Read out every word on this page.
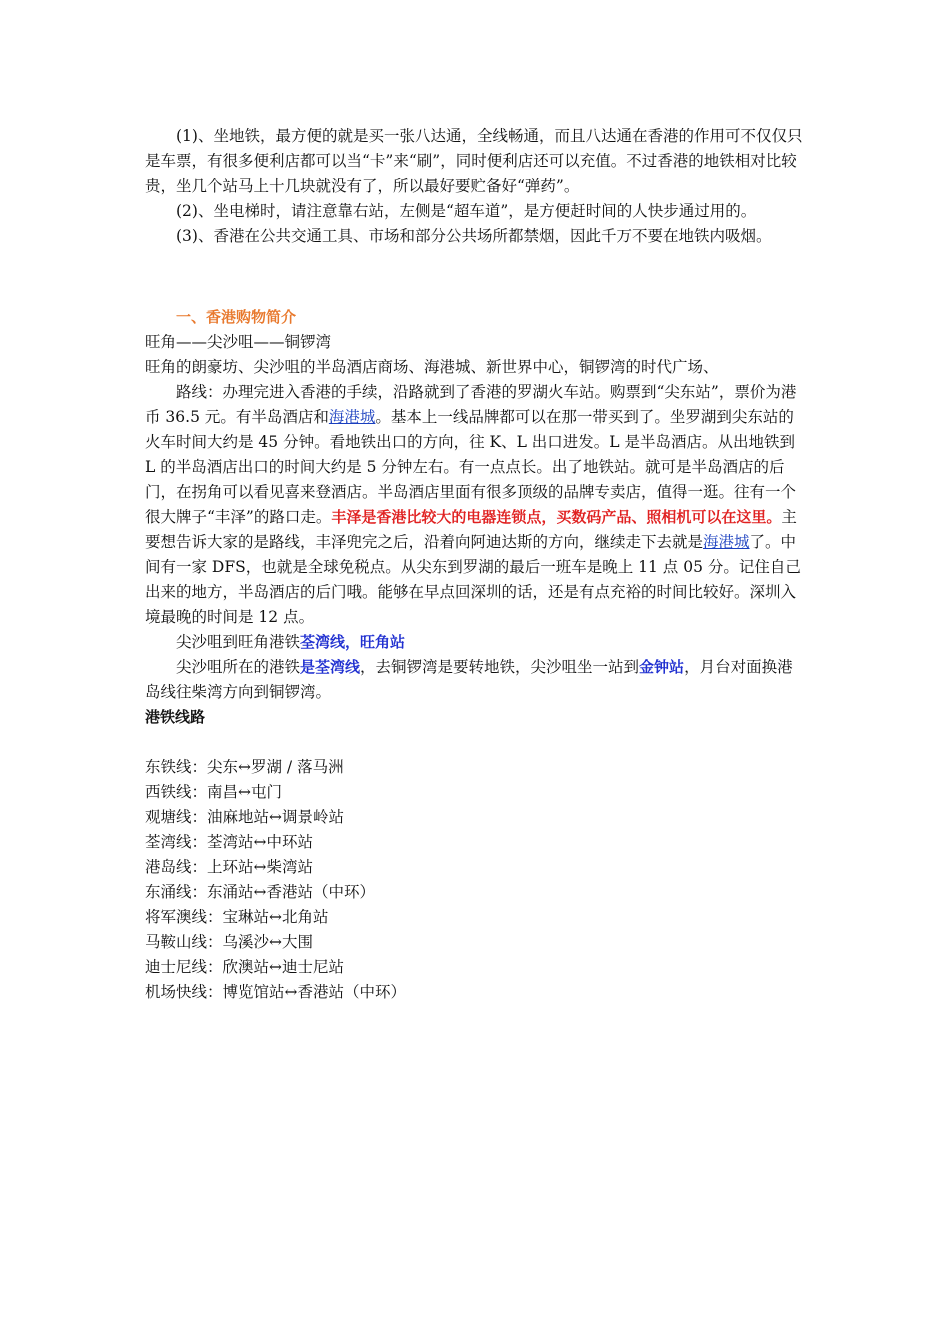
(1)、坐地铁，最方便的就是买一张八达通，全线畅通，而且八达通在香港的作用可不仅仅只是车票，有很多便利店都可以当“卡”来“刷”，同时便利店还可以充值。不过香港的地铁相对比较贵，坐几个站马上十几块就没有了，所以最好要贮备好“弹药”。

(2)、坐电梯时，请注意靠右站，左侧是“超车道”，是方便赶时间的人快步通过用的。

(3)、香港在公共交通工具、市场和部分公共场所都禁烟，因此千万不要在地铁内吸烟。

一、香港购物简介

旺角——尖沙咀——铜锣湾

旺角的朗豪坊、尖沙咀的半岛酒店商场、海港城、新世界中心，铜锣湾的时代广场、

路线：办理完进入香港的手续，沿路就到了香港的罗湖火车站。购票到“尖东站”，票价为港币 36.5 元。有半岛酒店和海港城。基本上一线品牌都可以在那一带买到了。坐罗湖到尖东站的火车时间大约是 45 分钟。看地铁出口的方向，往 K、L 出口进发。L 是半岛酒店。从出地铁到 L 的半岛酒店出口的时间大约是 5 分钟左右。有一点点长。出了地铁站。就可是半岛酒店的后门，在拐角可以看见喜来登酒店。半岛酒店里面有很多顶级的品牌专卖店，值得一逛。往有一个很大牌子“丰泽”的路口走。丰泽是香港比较大的电器连锁点，买数码产品、照相机可以在这里。主要想告诉大家的是路线，丰泽兜完之后，沿着向阿迪达斯的方向，继续走下去就是海港城了。中间有一家 DFS，也就是全球免税点。从尖东到罗湖的最后一班车是晚上 11 点 05 分。记住自己出来的地方，半岛酒店的后门哦。能够在早点回深圳的话，还是有点充裕的时间比较好。深圳入境最晚的时间是 12 点。

尖沙咀到旺角港铁荃湾线，旺角站

尖沙咀所在的港铁是荃湾线，去铜锣湾是要转地铁，尖沙咀坐一站到金钟站，月台对面换港岛线往柴湾方向到铜锣湾。

港铁线路

东铁线：尖东↔罗湖 / 落马洲
西铁线：南昌↔屯门
观塘线：油麻地站↔调景岭站
荃湾线：荃湾站↔中环站
港岛线：上环站↔柴湾站
东涌线：东涌站↔香港站（中环）
将军澳线：宝琳站↔北角站
马鞍山线：乌溪沙↔大围
迪士尼线：欣澳站↔迪士尼站
机场快线：博览馆站↔香港站（中环）
